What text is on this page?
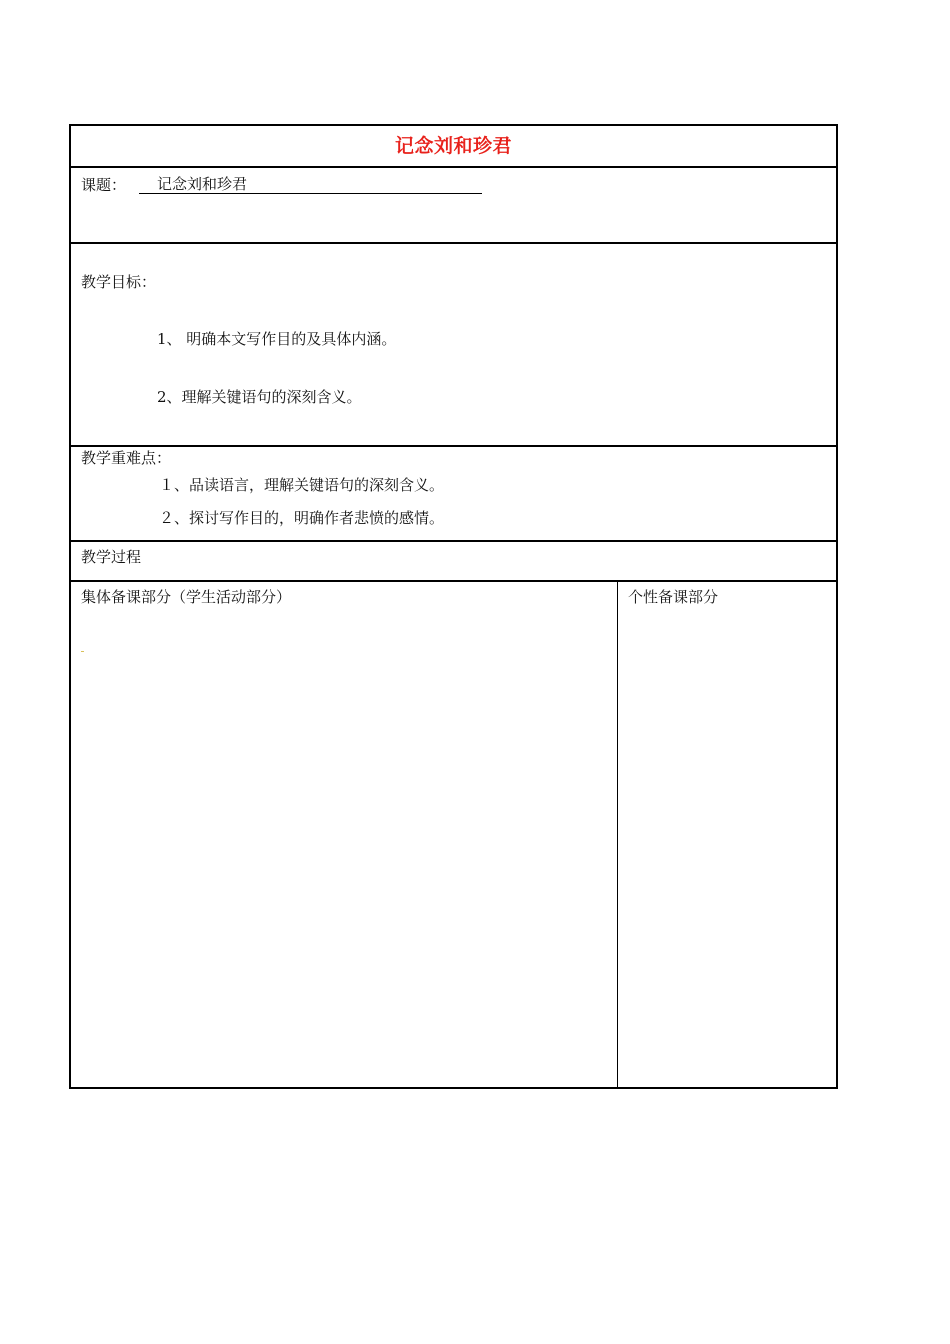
记念刘和珍君
课题：	记念刘和珍君
教学目标：
1、 明确本文写作目的及具体内涵。
2、理解关键语句的深刻含义。
教学重难点：
１、品读语言，理解关键语句的深刻含义。
２、探讨写作目的，明确作者悲愤的感情。
教学过程
集体备课部分（学生活动部分）	个性备课部分
